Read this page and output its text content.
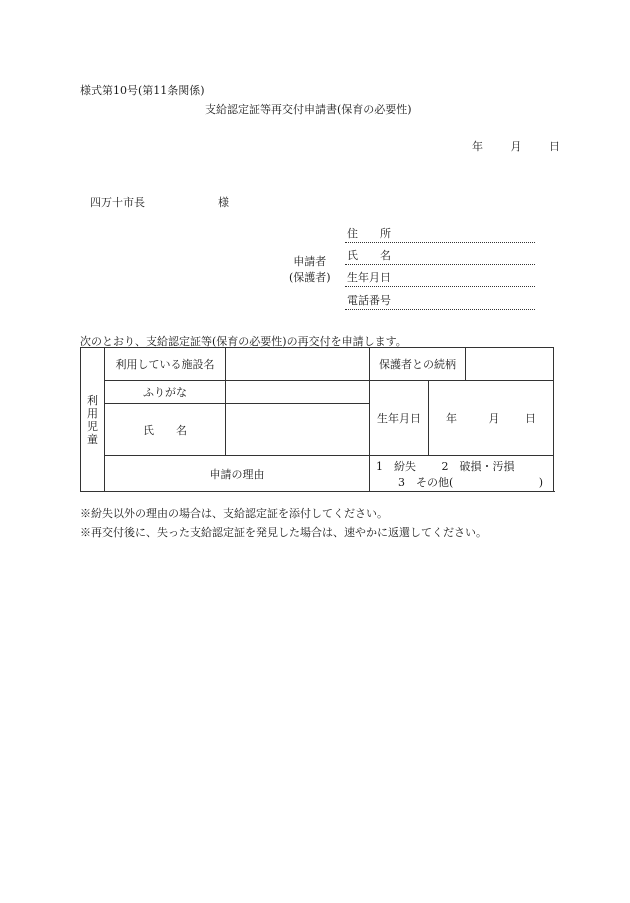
様式第10号(第11条関係)
支給認定証等再交付申請書(保育の必要性)
年	月	日
四万十市長	様
申請者
(保護者)
住　　所
氏　　名
生年月日
電話番号
次のとおり、支給認定証等(保育の必要性)の再交付を申請します。
利
用
児
童	利用している施設名		保護者との続柄		
	ふりがな		生年月日	年 月 日	
	氏　　名				
	申請の理由		1　紛失 2　破損・汚損 3　その他( )		
※紛失以外の理由の場合は、支給認定証を添付してください。
※再交付後に、失った支給認定証を発見した場合は、速やかに返還してください。
